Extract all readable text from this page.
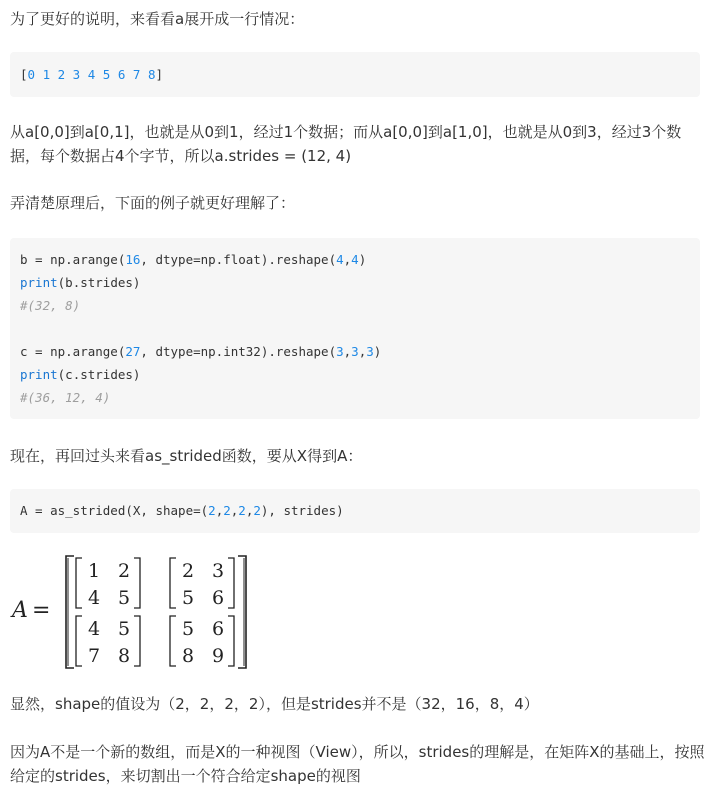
为了更好的说明，来看看a展开成一行情况：

[0 1 2 3 4 5 6 7 8]

从a[0,0]到a[0,1]，也就是从0到1，经过1个数据；而从a[0,0]到a[1,0]，也就是从0到3，经过3个数据，每个数据占4个字节，所以a.strides = (12, 4)

弄清楚原理后，下面的例子就更好理解了：

b = np.arange(16, dtype=np.float).reshape(4,4)
print(b.strides)
#(32, 8)

c = np.arange(27, dtype=np.int32).reshape(3,3,3)
print(c.strides)
#(36, 12, 4)

现在，再回过头来看as_strided函数，要从X得到A：

A = as_strided(X, shape=(2,2,2,2), strides)
A =
1 2
4 5
2 3
5 6
4 5
7 8
5 6
8 9

显然，shape的值设为（2，2，2，2），但是strides并不是（32，16，8，4）

因为A不是一个新的数组，而是X的一种视图（View），所以，strides的理解是，在矩阵X的基础上，按照给定的strides，来切割出一个符合给定shape的视图
